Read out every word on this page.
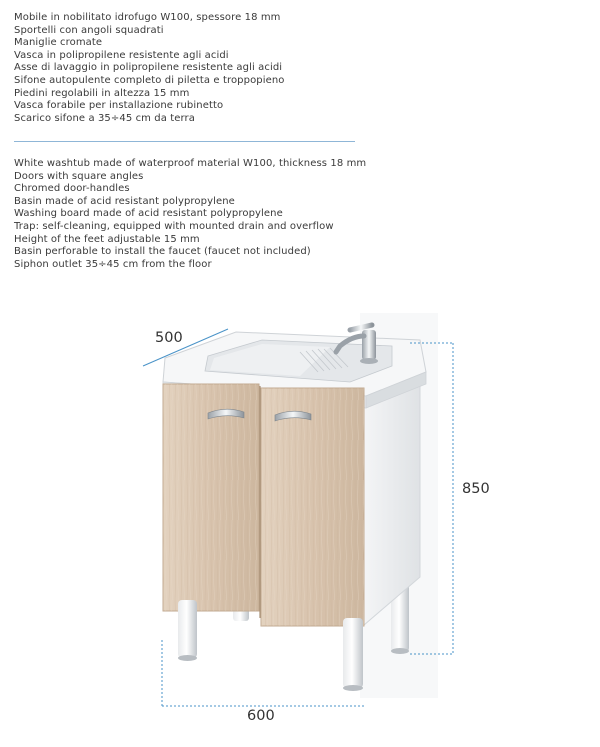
Mobile in nobilitato idrofugo W100, spessore 18 mm
Sportelli con angoli squadrati
Maniglie cromate
Vasca in polipropilene resistente agli acidi
Asse di lavaggio in polipropilene resistente agli acidi
Sifone autopulente completo di piletta e troppopieno
Piedini regolabili in altezza 15 mm
Vasca forabile per installazione rubinetto
Scarico sifone a 35÷45 cm da terra
White washtub made of waterproof material W100, thickness 18 mm
Doors with square angles
Chromed door-handles
Basin made of acid resistant polypropylene
Washing board made of acid resistant polypropylene
Trap: self-cleaning, equipped with mounted drain and overflow
Height of the feet adjustable 15 mm
Basin perforable to install the faucet (faucet not included)
Siphon outlet 35÷45 cm from the floor
500
850
600
